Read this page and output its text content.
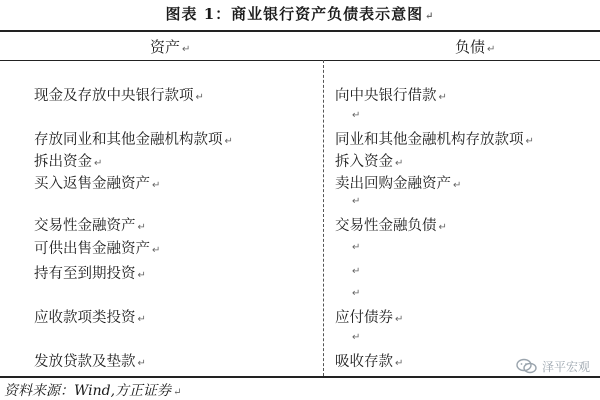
图表 1：商业银行资产负债表示意图 ↵
资产 ↵	负债 ↵
现金及存放中央银行款项 ↵
存放同业和其他金融机构款项 ↵
拆出资金 ↵
买入返售金融资产 ↵
交易性金融资产 ↵
可供出售金融资产 ↵
持有至到期投资 ↵
应收款项类投资 ↵
发放贷款及垫款 ↵
向中央银行借款 ↵
↵
同业和其他金融机构存放款项 ↵
拆入资金 ↵
卖出回购金融资产 ↵
↵
交易性金融负债 ↵
↵
↵
↵
应付债券 ↵
↵
吸收存款 ↵
资料来源：Wind,方正证券 ↵
泽平宏观
